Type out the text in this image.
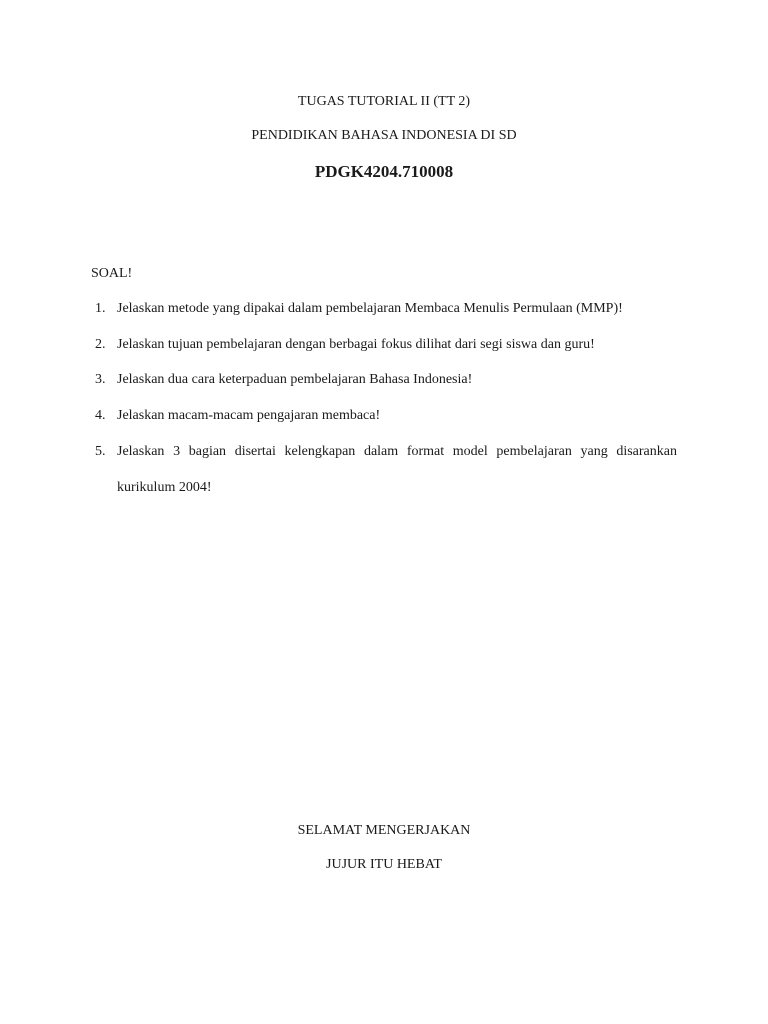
TUGAS TUTORIAL II (TT 2)
PENDIDIKAN BAHASA INDONESIA DI SD
PDGK4204.710008
SOAL!
1. Jelaskan metode yang dipakai dalam pembelajaran Membaca Menulis Permulaan (MMP)!
2. Jelaskan tujuan pembelajaran dengan berbagai fokus dilihat dari segi siswa dan guru!
3. Jelaskan dua cara keterpaduan pembelajaran Bahasa Indonesia!
4. Jelaskan macam-macam pengajaran membaca!
5. Jelaskan 3 bagian disertai kelengkapan dalam format model pembelajaran yang disarankan
kurikulum 2004!
SELAMAT MENGERJAKAN
JUJUR ITU HEBAT
